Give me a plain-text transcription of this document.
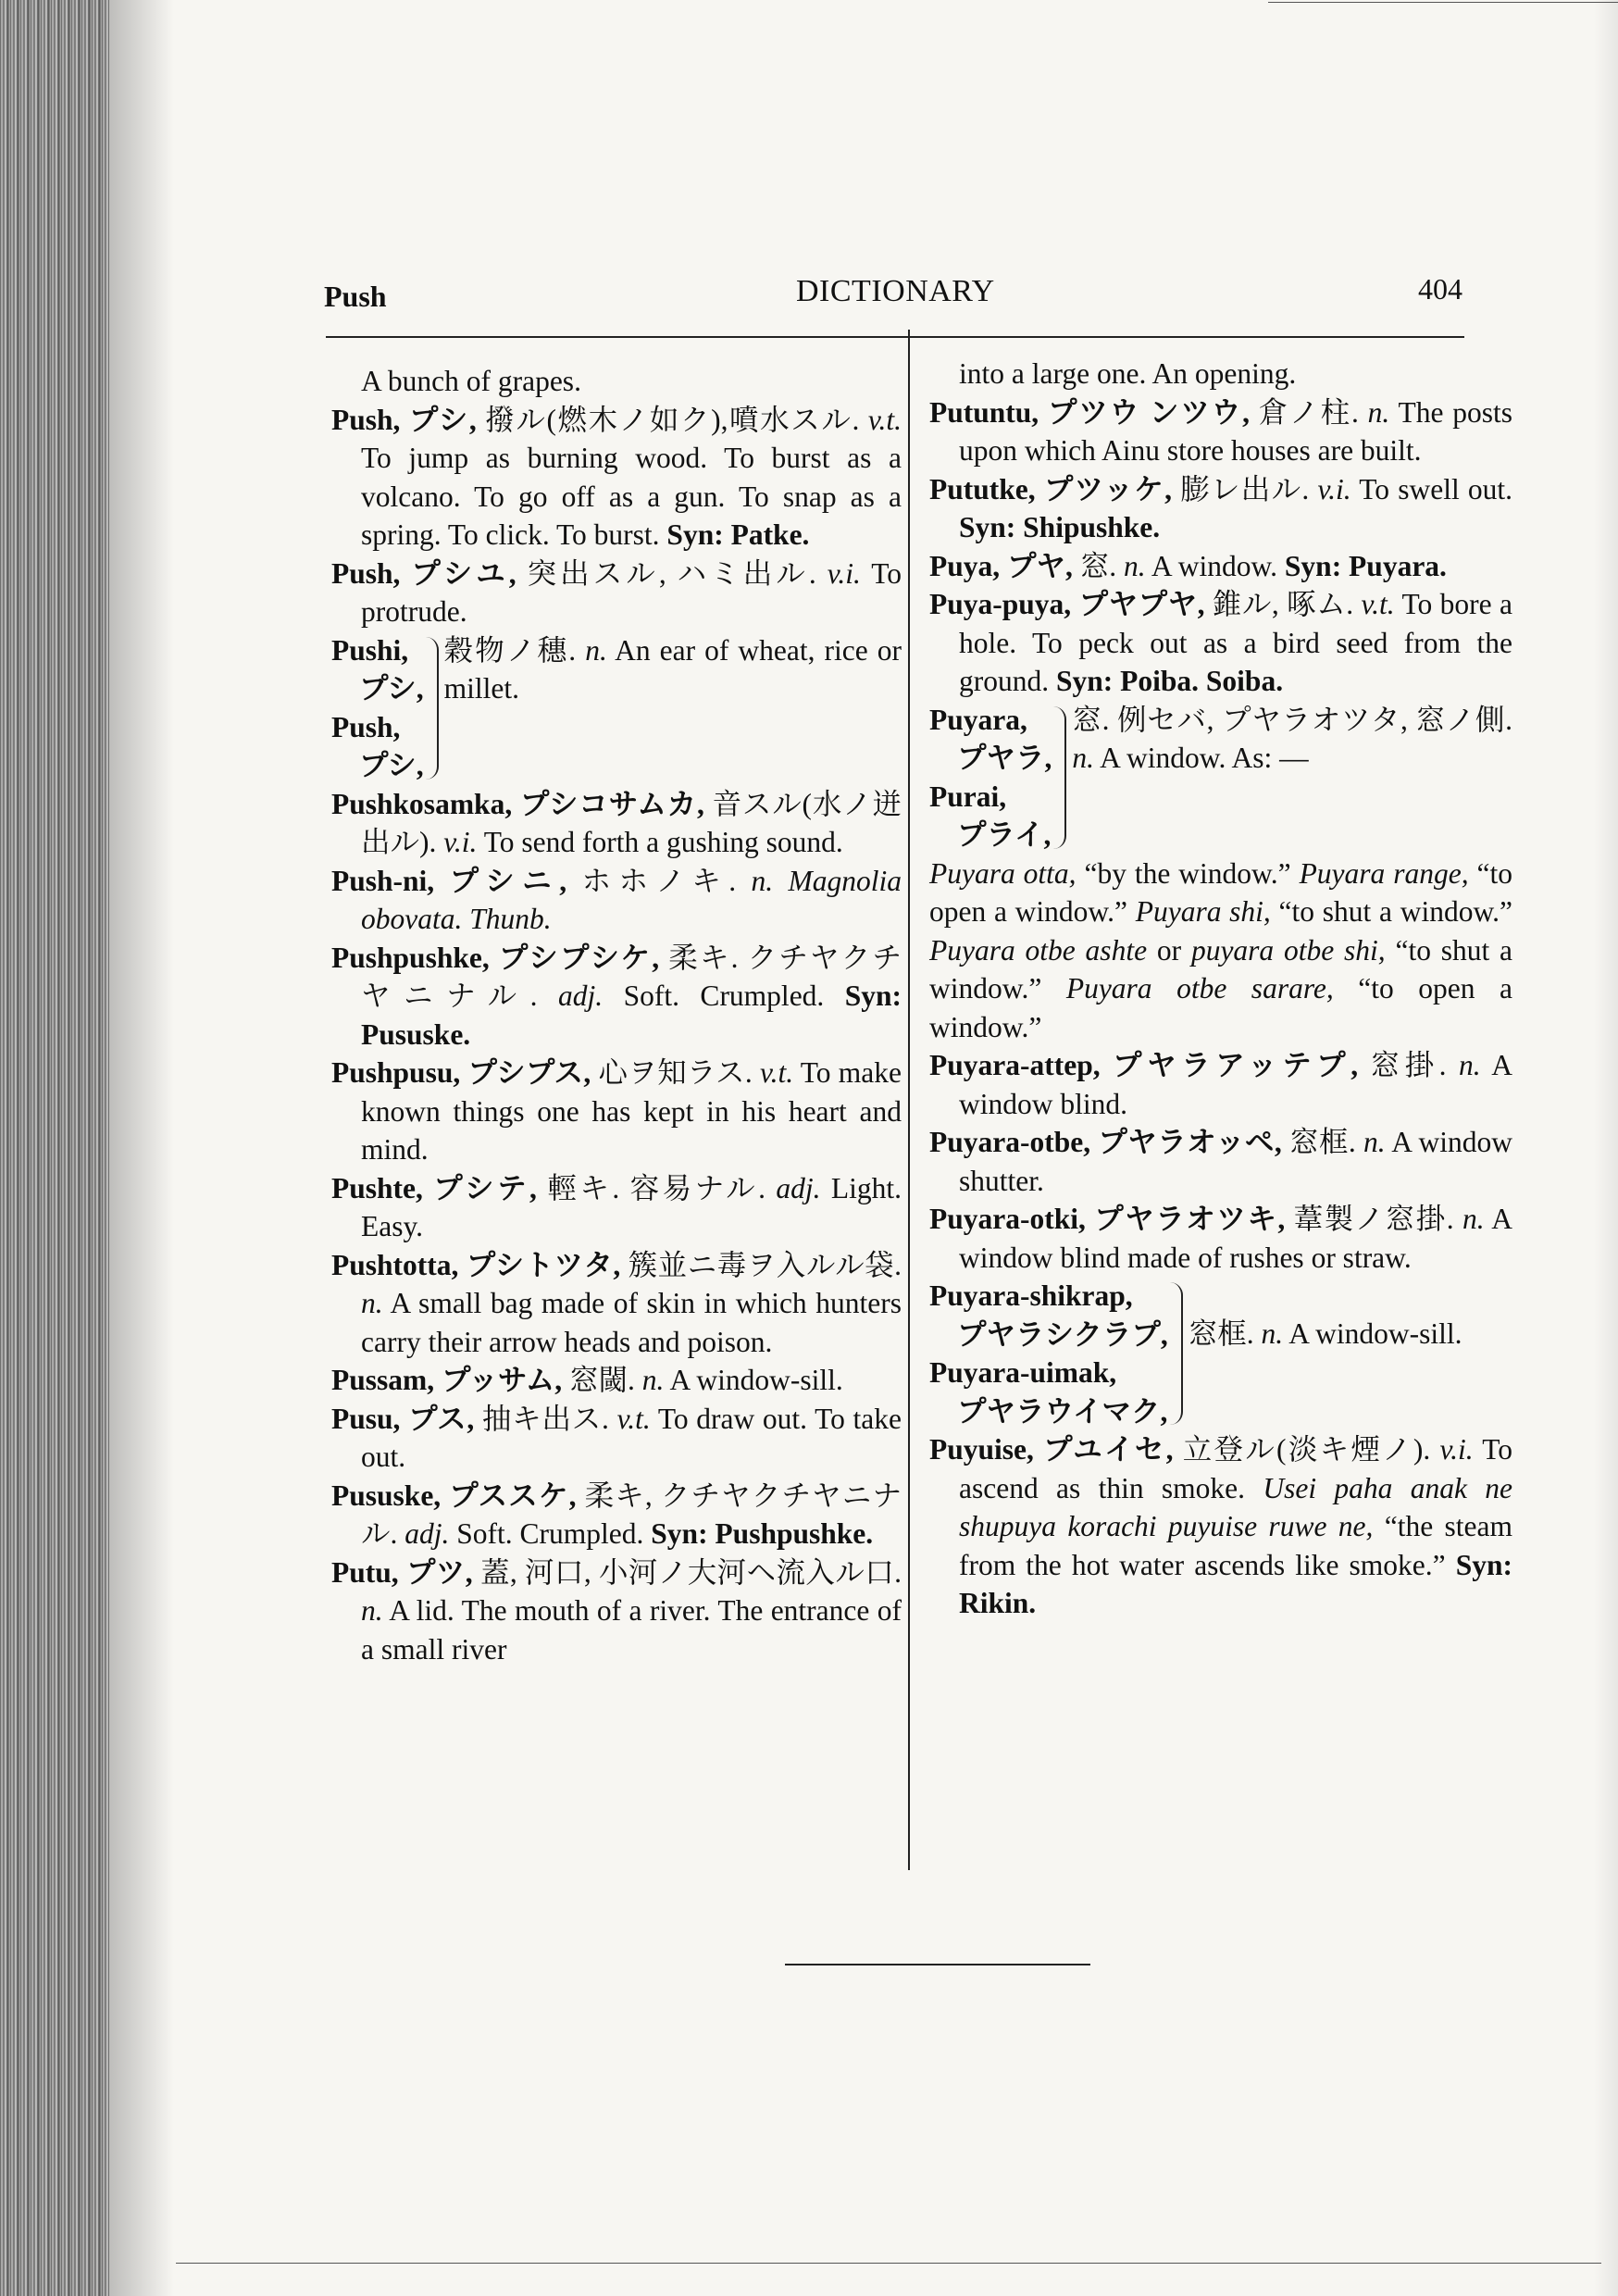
Push	DICTIONARY	404

A bunch of grapes.

Push, プシ, 撥ル(燃木ノ如ク),噴水スル. v.t. To jump as burning wood. To burst as a volcano. To go off as a gun. To snap as a spring. To click. To burst. Syn: Patke.

Push, プシユ, 突出スル, ハミ出ル. v.i. To protrude.

Pushi,
プシ,
Push,
プシ,
穀物ノ穗. n. An ear of wheat, rice or millet.

Pushkosamka, プシコサムカ, 音スル(水ノ迸出ル). v.i. To send forth a gushing sound.

Push-ni, プシニ, ホホノキ. n. Magnolia obovata. Thunb.

Pushpushke, プシプシケ, 柔キ. クチヤクチヤニナル. adj. Soft. Crumpled. Syn: Pususke.

Pushpusu, プシプス, 心ヲ知ラス. v.t. To make known things one has kept in his heart and mind.

Pushte, プシテ, 輕キ. 容易ナル. adj. Light. Easy.

Pushtotta, プシトツタ, 簇並ニ毒ヲ入ルル袋. n. A small bag made of skin in which hunters carry their arrow heads and poison.

Pussam, プッサム, 窓閾. n. A window-sill.

Pusu, プス, 抽キ出ス. v.t. To draw out. To take out.

Pususke, プススケ, 柔キ, クチヤクチヤニナル. adj. Soft. Crumpled. Syn: Pushpushke.

Putu, プツ, 蓋, 河口, 小河ノ大河ヘ流入ル口. n. A lid. The mouth of a river. The entrance of a small river

into a large one. An opening.

Putuntu, プツウ ンツウ, 倉ノ柱. n. The posts upon which Ainu store houses are built.

Pututke, プツッケ, 膨レ出ル. v.i. To swell out. Syn: Shipushke.

Puya, プヤ, 窓. n. A window. Syn: Puyara.

Puya-puya, プヤプヤ, 錐ル, 啄ム. v.t. To bore a hole. To peck out as a bird seed from the ground. Syn: Poiba. Soiba.

Puyara,
プヤラ,
Purai,
プライ,
窓. 例セバ, プヤラオツタ, 窓ノ側. n. A window. As: —

Puyara otta, “by the window.” Puyara range, “to open a window.” Puyara shi, “to shut a window.” Puyara otbe ashte or puyara otbe shi, “to shut a window.” Puyara otbe sarare, “to open a window.”

Puyara-attep, プヤラアッテプ, 窓掛. n. A window blind.

Puyara-otbe, プヤラオッペ, 窓框. n. A window shutter.

Puyara-otki, プヤラオツキ, 葦製ノ窓掛. n. A window blind made of rushes or straw.

Puyara-shikrap,
プヤラシクラプ,
Puyara-uimak,
プヤラウイマク,
窓框. n. A window-sill.

Puyuise, プユイセ, 立登ル(淡キ煙ノ). v.i. To ascend as thin smoke. Usei paha anak ne shupuya korachi puyuise ruwe ne, “the steam from the hot water ascends like smoke.” Syn: Rikin.
